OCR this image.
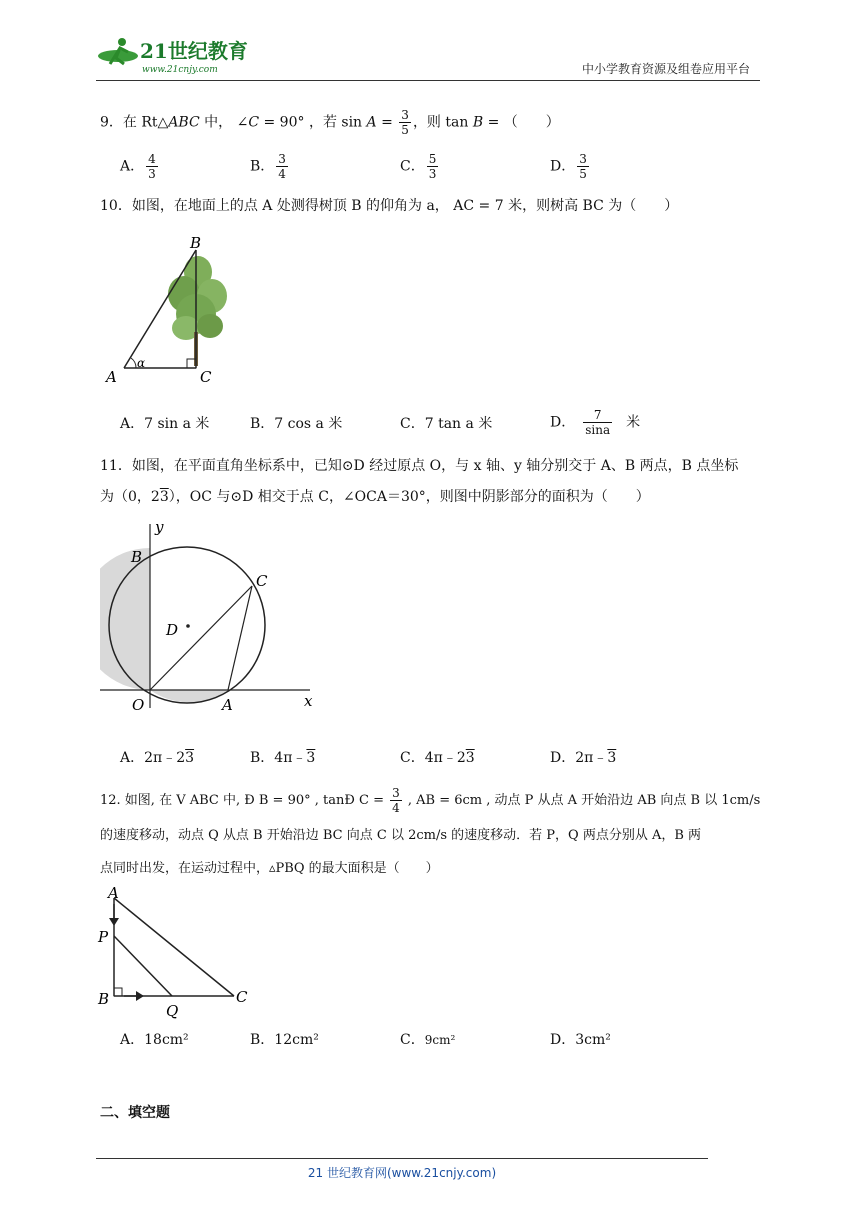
21世纪教育
www.21cnjy.com	中小学教育资源及组卷应用平台
9．在 Rt△ABC 中， ∠C = 90° ，若 $\sin A = \frac{3}{5}$ ，则 tan B = （　　）
A． $\frac{4}{3}$	B． $\frac{3}{4}$	C． $\frac{5}{3}$	D． $\frac{3}{5}$
10．如图，在地面上的点 A 处测得树顶 B 的仰角为 a， AC = 7 米，则树高 BC 为（　　）
B
A	C
α
A．7 sin a 米	B．7 cos a 米	C．7 tan a 米	D． $\frac{7}{\sin a}$ 米
11．如图，在平面直角坐标系中，已知⊙D 经过原点 O，与 x 轴、y 轴分别交于 A、B 两点，B 点坐标
为（0，23），OC 与⊙D 相交于点 C，∠OCA＝30°，则图中阴影部分的面积为（　　）
y
x
B
C
D
O	A
A．2π﹣23	B．4π﹣3	C．4π﹣23	D．2π﹣3
12. 如图, 在 V ABC 中, Ð B = 90° , tanÐ $C = \frac{3}{4}$ , AB = 6cm , 动点 P 从点 A 开始沿边 AB 向点 B 以 1cm/s
的速度移动，动点 Q 从点 B 开始沿边 BC 向点 C 以 2cm/s 的速度移动．若 P，Q 两点分别从 A，B 两
点同时出发，在运动过程中，▵PBQ 的最大面积是（　　）
A
P
B
Q
C
A．18cm²	B．12cm²	C．9cm²	D．3cm²
二、填空题
21 世纪教育网(www.21cnjy.com)
